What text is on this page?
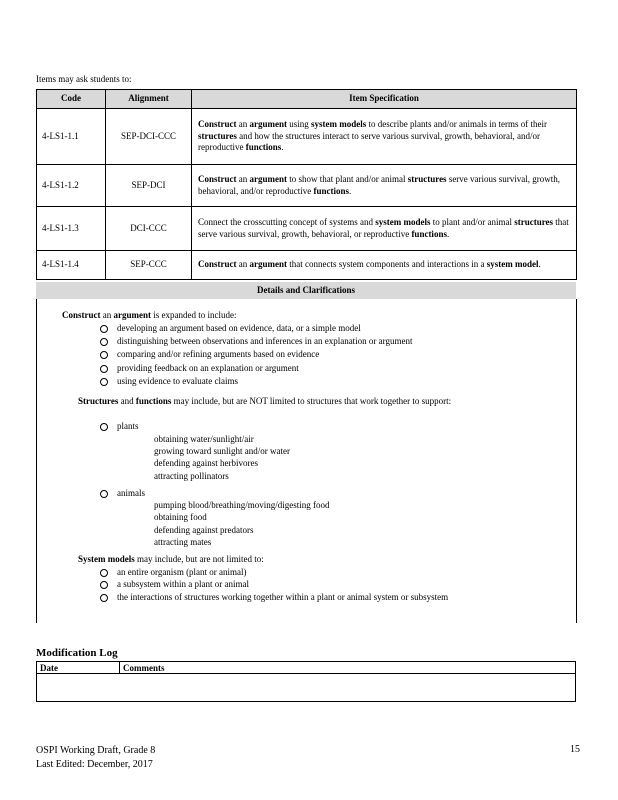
Items may ask students to:
Code	Alignment	Item Specification
4-LS1-1.1	SEP-DCI-CCC	Construct an argument using system models to describe plants and/or animals in terms of their structures and how the structures interact to serve various survival, growth, behavioral, and/or reproductive functions.
4-LS1-1.2	SEP-DCI	Construct an argument to show that plant and/or animal structures serve various survival, growth, behavioral, and/or reproductive functions.
4-LS1-1.3	DCI-CCC	Connect the crosscutting concept of systems and system models to plant and/or animal structures that serve various survival, growth, behavioral, or reproductive functions.
4-LS1-1.4	SEP-CCC	Construct an argument that connects system components and interactions in a system model.
Details and Clarifications
Construct an argument is expanded to include:
developing an argument based on evidence, data, or a simple model
distinguishing between observations and inferences in an explanation or argument
comparing and/or refining arguments based on evidence
providing feedback on an explanation or argument
using evidence to evaluate claims
Structures and functions may include, but are NOT limited to structures that work together to support:
plants
obtaining water/sunlight/air
growing toward sunlight and/or water
defending against herbivores
attracting pollinators
animals
pumping blood/breathing/moving/digesting food
obtaining food
defending against predators
attracting mates
System models may include, but are not limited to:
an entire organism (plant or animal)
a subsystem within a plant or animal
the interactions of structures working together within a plant or animal system or subsystem
Modification Log
Date	Comments

OSPI Working Draft, Grade 8
Last Edited: December, 2017
15
